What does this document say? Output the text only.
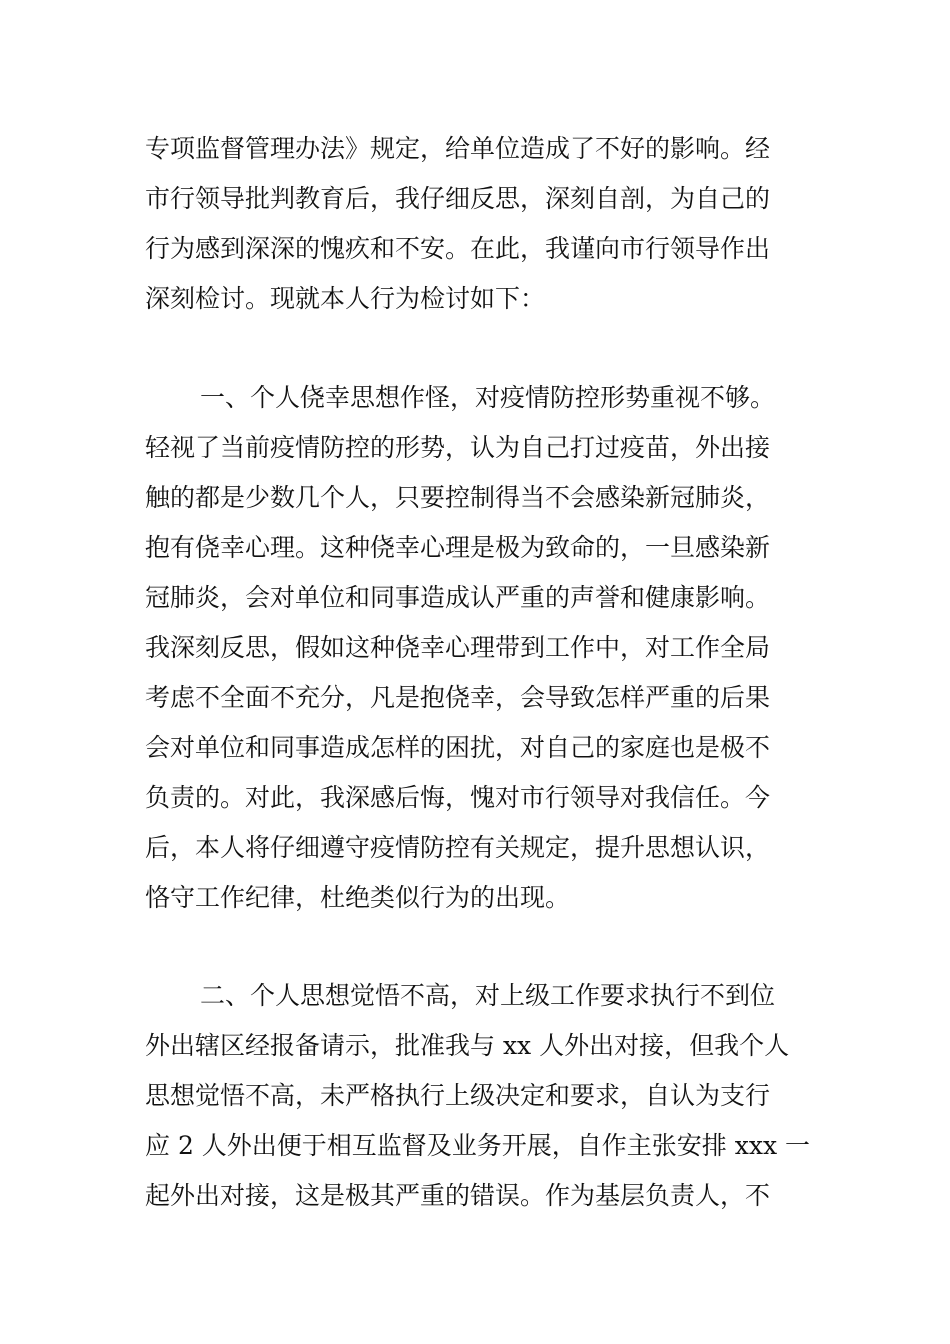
专项监督管理办法》规定，给单位造成了不好的影响。经
市行领导批判教育后，我仔细反思，深刻自剖，为自己的
行为感到深深的愧疚和不安。在此，我谨向市行领导作出
深刻检讨。现就本人行为检讨如下：
一、个人侥幸思想作怪，对疫情防控形势重视不够。
轻视了当前疫情防控的形势，认为自己打过疫苗，外出接
触的都是少数几个人，只要控制得当不会感染新冠肺炎，
抱有侥幸心理。这种侥幸心理是极为致命的，一旦感染新
冠肺炎，会对单位和同事造成认严重的声誉和健康影响。
我深刻反思，假如这种侥幸心理带到工作中，对工作全局
考虑不全面不充分，凡是抱侥幸，会导致怎样严重的后果
会对单位和同事造成怎样的困扰，对自己的家庭也是极不
负责的。对此，我深感后悔，愧对市行领导对我信任。今
后，本人将仔细遵守疫情防控有关规定，提升思想认识，
恪守工作纪律，杜绝类似行为的出现。
二、个人思想觉悟不高，对上级工作要求执行不到位
外出辖区经报备请示，批准我与 xx 人外出对接，但我个人
思想觉悟不高，未严格执行上级决定和要求，自认为支行
应 2 人外出便于相互监督及业务开展，自作主张安排 xxx 一
起外出对接，这是极其严重的错误。作为基层负责人，不
